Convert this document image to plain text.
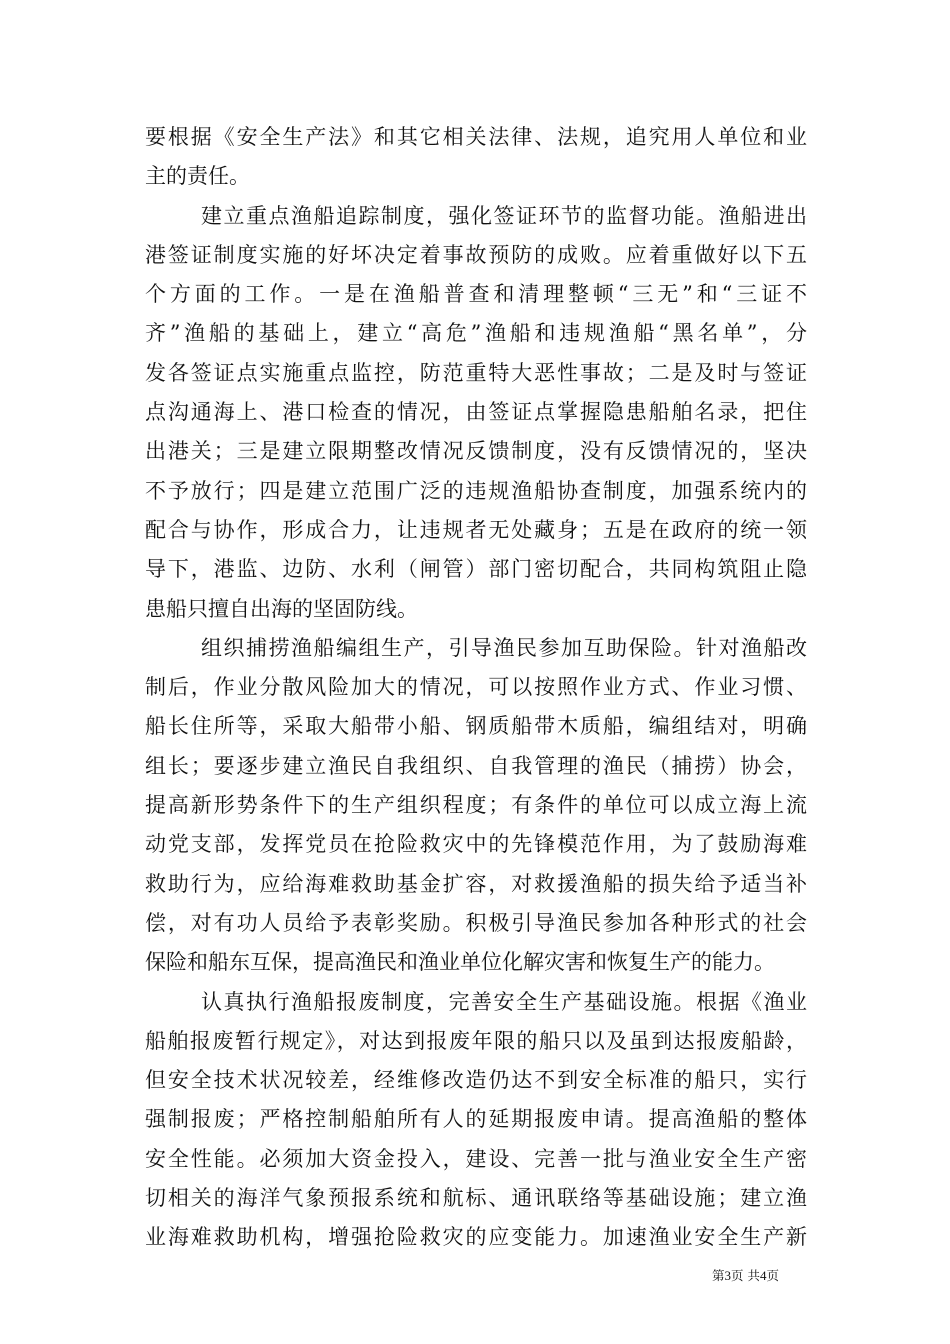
要根据《安全生产法》和其它相关法律、法规，追究用人单位和业
主的责任。
建立重点渔船追踪制度，强化签证环节的监督功能。渔船进出
港签证制度实施的好坏决定着事故预防的成败。应着重做好以下五
个方面的工作。一是在渔船普查和清理整顿“三无”和“三证不
齐”渔船的基础上，建立“高危”渔船和违规渔船“黑名单”，分
发各签证点实施重点监控，防范重特大恶性事故；二是及时与签证
点沟通海上、港口检查的情况，由签证点掌握隐患船舶名录，把住
出港关；三是建立限期整改情况反馈制度，没有反馈情况的，坚决
不予放行；四是建立范围广泛的违规渔船协查制度，加强系统内的
配合与协作，形成合力，让违规者无处藏身；五是在政府的统一领
导下，港监、边防、水利（闸管）部门密切配合，共同构筑阻止隐
患船只擅自出海的坚固防线。
组织捕捞渔船编组生产，引导渔民参加互助保险。针对渔船改
制后，作业分散风险加大的情况，可以按照作业方式、作业习惯、
船长住所等，采取大船带小船、钢质船带木质船，编组结对，明确
组长；要逐步建立渔民自我组织、自我管理的渔民（捕捞）协会，
提高新形势条件下的生产组织程度；有条件的单位可以成立海上流
动党支部，发挥党员在抢险救灾中的先锋模范作用，为了鼓励海难
救助行为，应给海难救助基金扩容，对救援渔船的损失给予适当补
偿，对有功人员给予表彰奖励。积极引导渔民参加各种形式的社会
保险和船东互保，提高渔民和渔业单位化解灾害和恢复生产的能力。
认真执行渔船报废制度，完善安全生产基础设施。根据《渔业
船舶报废暂行规定》，对达到报废年限的船只以及虽到达报废船龄，
但安全技术状况较差，经维修改造仍达不到安全标准的船只，实行
强制报废；严格控制船舶所有人的延期报废申请。提高渔船的整体
安全性能。必须加大资金投入，建设、完善一批与渔业安全生产密
切相关的海洋气象预报系统和航标、通讯联络等基础设施；建立渔
业海难救助机构，增强抢险救灾的应变能力。加速渔业安全生产新
第3页 共4页
